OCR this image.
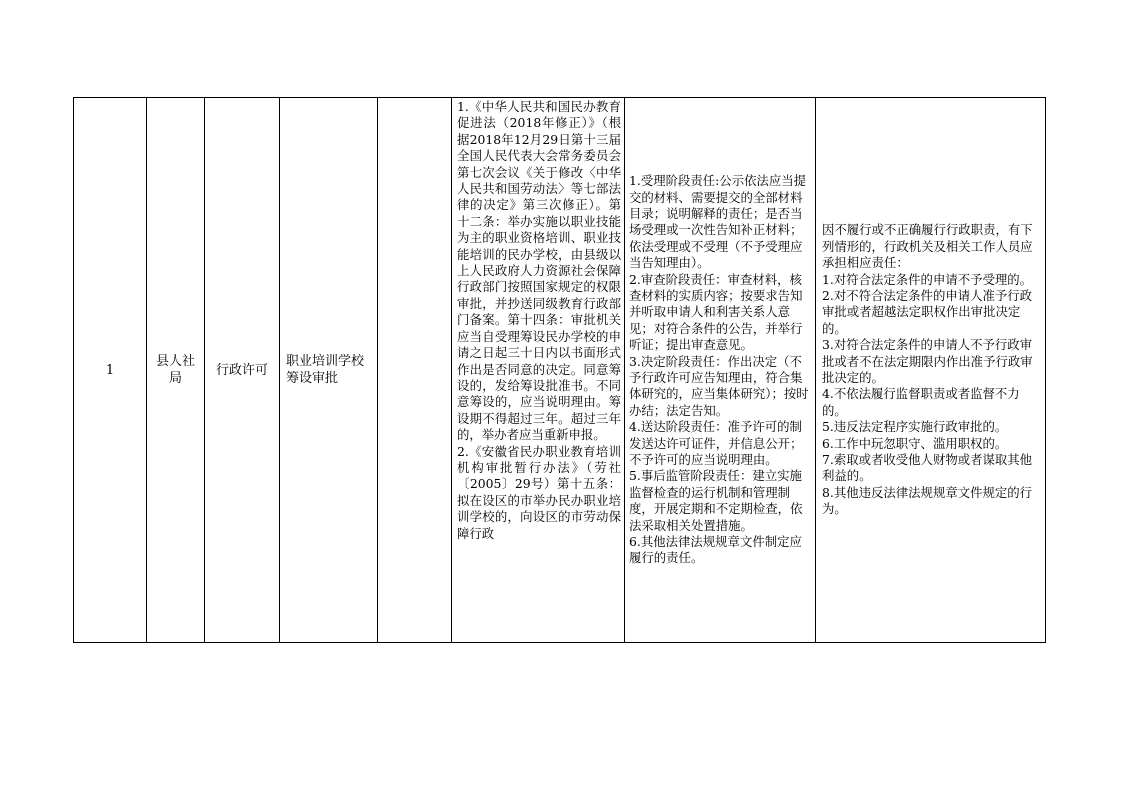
1
县人社局
行政许可
职业培训学校筹设审批

1.《中华人民共和国民办教育促进法（2018年修正）》（根据2018年12月29日第十三届全国人民代表大会常务委员会第七次会议《关于修改〈中华人民共和国劳动法〉等七部法律的决定》第三次修正）。第十二条：举办实施以职业技能为主的职业资格培训、职业技能培训的民办学校，由县级以上人民政府人力资源社会保障行政部门按照国家规定的权限审批，并抄送同级教育行政部门备案。第十四条：审批机关应当自受理筹设民办学校的申请之日起三十日内以书面形式作出是否同意的决定。同意筹设的，发给筹设批准书。不同意筹设的，应当说明理由。筹设期不得超过三年。超过三年的，举办者应当重新申报。

2.《安徽省民办职业教育培训机构审批暂行办法》（劳社〔2005〕29号）第十五条：拟在设区的市举办民办职业培训学校的，向设区的市劳动保障行政

1.受理阶段责任:公示依法应当提交的材料、需要提交的全部材料目录；说明解释的责任；是否当场受理或一次性告知补正材料；依法受理或不受理（不予受理应当告知理由）。

2.审查阶段责任：审查材料，核查材料的实质内容；按要求告知并听取申请人和利害关系人意见；对符合条件的公告，并举行听证；提出审查意见。

3.决定阶段责任：作出决定（不予行政许可应告知理由，符合集体研究的，应当集体研究）；按时办结；法定告知。

4.送达阶段责任：准予许可的制发送达许可证件，并信息公开；不予许可的应当说明理由。

5.事后监管阶段责任：建立实施监督检查的运行机制和管理制度，开展定期和不定期检查，依法采取相关处置措施。

6.其他法律法规规章文件制定应履行的责任。

因不履行或不正确履行行政职责，有下列情形的，行政机关及相关工作人员应承担相应责任：

1.对符合法定条件的申请不予受理的。

2.对不符合法定条件的申请人准予行政审批或者超越法定职权作出审批决定的。

3.对符合法定条件的申请人不予行政审批或者不在法定期限内作出准予行政审批决定的。

4.不依法履行监督职责或者监督不力的。

5.违反法定程序实施行政审批的。

6.工作中玩忽职守、滥用职权的。

7.索取或者收受他人财物或者谋取其他利益的。

8.其他违反法律法规规章文件规定的行为。
